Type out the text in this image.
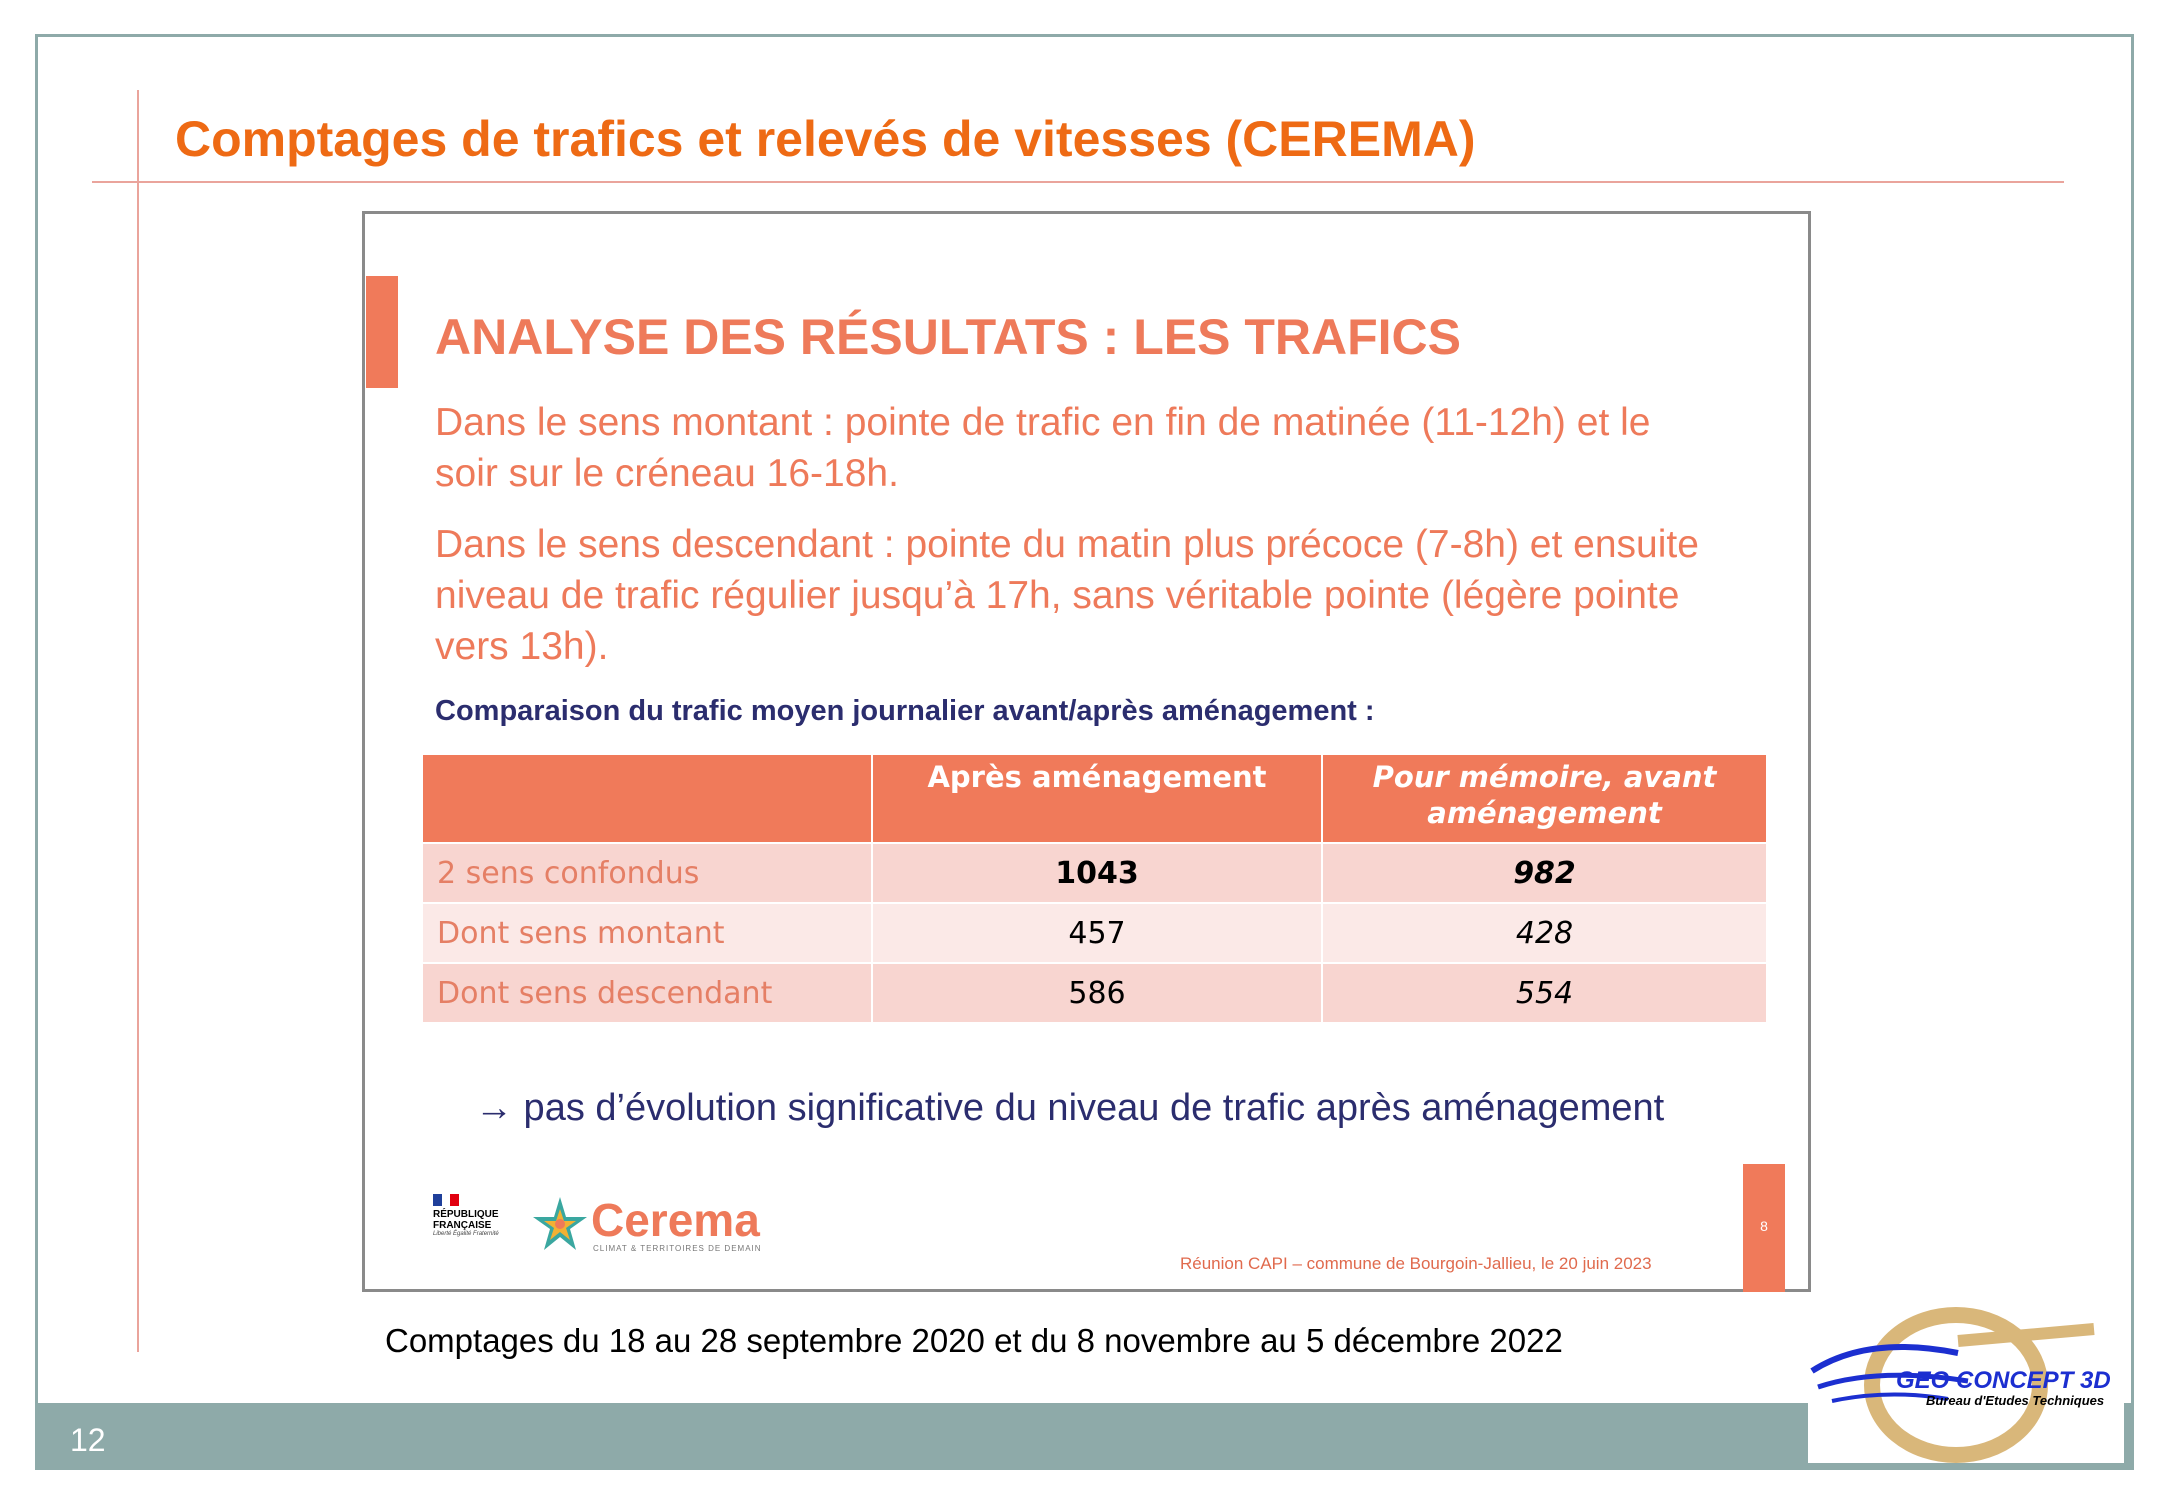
Comptages de trafics et relevés de vitesses (CEREMA)
ANALYSE DES RÉSULTATS : LES TRAFICS
Dans le sens montant : pointe de trafic en fin de matinée (11-12h) et le soir sur le créneau 16-18h.
Dans le sens descendant : pointe du matin plus précoce (7-8h) et ensuite niveau de trafic régulier jusqu’à 17h, sans véritable pointe (légère pointe vers 13h).
Comparaison du trafic moyen journalier avant/après aménagement :
	Après aménagement	Pour mémoire, avant aménagement
2 sens confondus	1043	982
Dont sens montant	457	428
Dont sens descendant	586	554
→ pas d’évolution significative du niveau de trafic après aménagement
RÉPUBLIQUE FRANÇAISE
Liberté Égalité Fraternité	Cerema
CLIMAT & TERRITOIRES DE DEMAIN
Réunion CAPI – commune de Bourgoin-Jallieu, le 20 juin 2023
8
Comptages du 18 au 28 septembre 2020 et du 8 novembre au 5 décembre 2022
12
GEO CONCEPT 3D
Bureau d'Etudes Techniques
